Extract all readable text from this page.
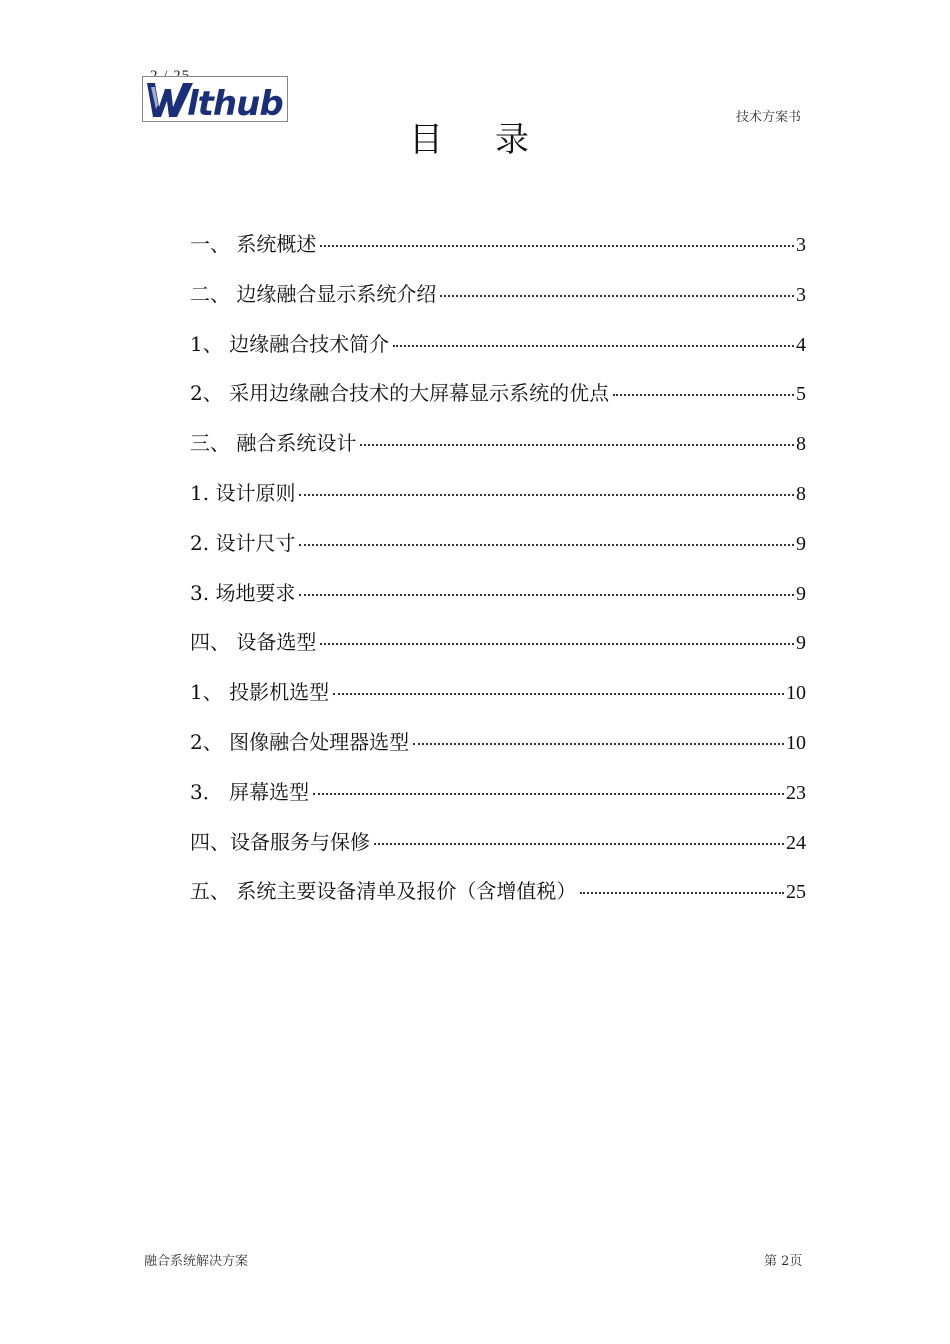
lthub	技术方案书
目录
一、 系统概述	3
二、 边缘融合显示系统介绍	3
1、 边缘融合技术简介	4
2、 采用边缘融合技术的大屏幕显示系统的优点	5
三、 融合系统设计	8
1. 设计原则	8
2. 设计尺寸	9
3. 场地要求	9
四、 设备选型	9
1、 投影机选型	10
2、 图像融合处理器选型	10
3． 屏幕选型	23
四、设备服务与保修	24
五、 系统主要设备清单及报价（含增值税）	25
融合系统解决方案	第 2页
